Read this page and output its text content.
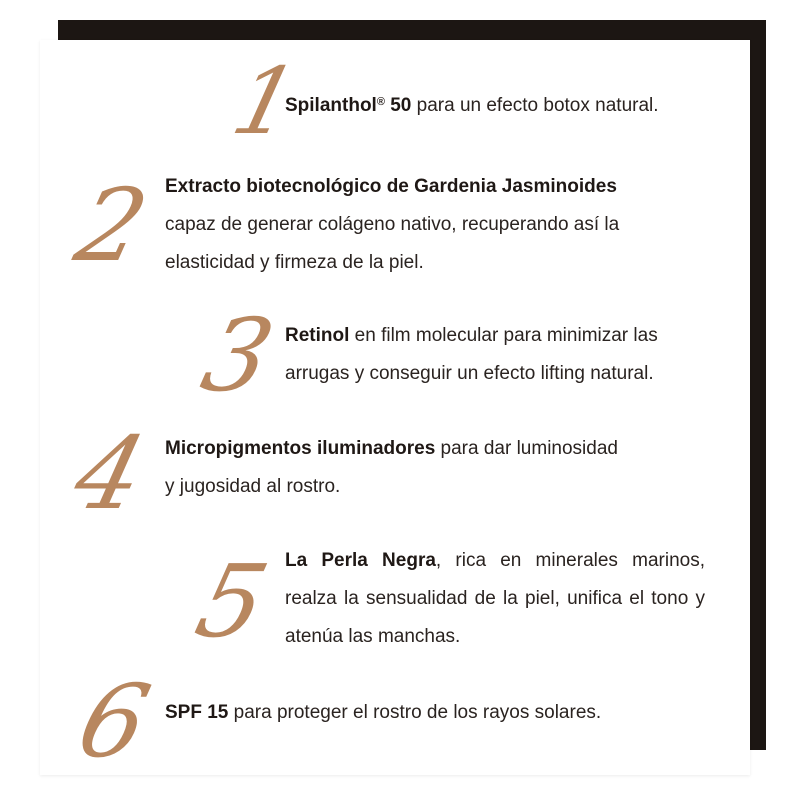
1

Spilanthol® 50 para un efecto botox natural.

2 Extracto biotecnológico de Gardenia Jasminoides
capaz de generar colágeno nativo, recuperando así la
elasticidad y firmeza de la piel.

3 Retinol en film molecular para minimizar las arrugas y conseguir un efecto lifting natural.

4 Micropigmentos iluminadores para dar luminosidad
y jugosidad al rostro.

5 La Perla Negra, rica en minerales marinos, realza la sensualidad de la piel, unifica el tono y atenúa las manchas.

6 SPF 15 para proteger el rostro de los rayos solares.
